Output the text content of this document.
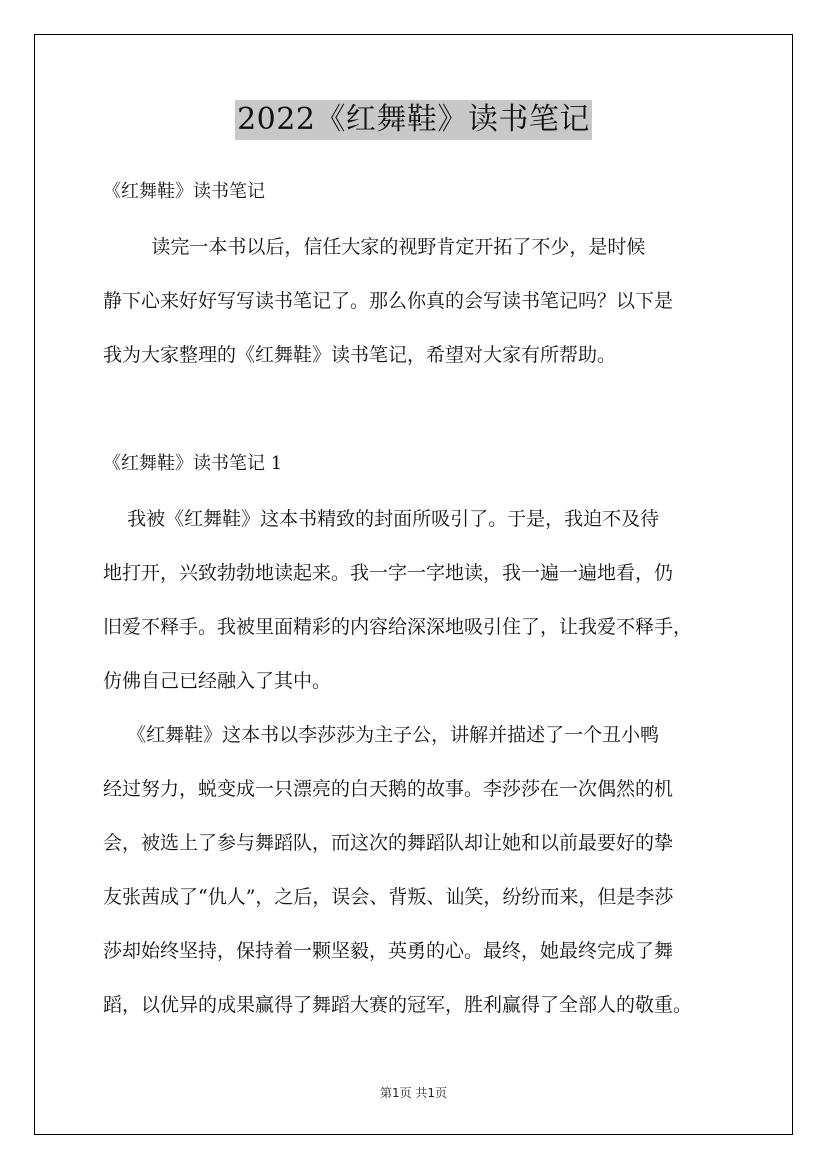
2022《红舞鞋》读书笔记
《红舞鞋》读书笔记
读完一本书以后，信任大家的视野肯定开拓了不少，是时候
静下心来好好写写读书笔记了。那么你真的会写读书笔记吗？以下是
我为大家整理的《红舞鞋》读书笔记，希望对大家有所帮助。
《红舞鞋》读书笔记 1
我被《红舞鞋》这本书精致的封面所吸引了。于是，我迫不及待
地打开，兴致勃勃地读起来。我一字一字地读，我一遍一遍地看，仍
旧爱不释手。我被里面精彩的内容给深深地吸引住了，让我爱不释手，
仿佛自己已经融入了其中。
《红舞鞋》这本书以李莎莎为主子公，讲解并描述了一个丑小鸭
经过努力，蜕变成一只漂亮的白天鹅的故事。李莎莎在一次偶然的机
会，被选上了参与舞蹈队，而这次的舞蹈队却让她和以前最要好的挚
友张茜成了“仇人”，之后，误会、背叛、讪笑，纷纷而来，但是李莎
莎却始终坚持，保持着一颗坚毅，英勇的心。最终，她最终完成了舞
蹈，以优异的成果赢得了舞蹈大赛的冠军，胜利赢得了全部人的敬重。
第1页 共1页
